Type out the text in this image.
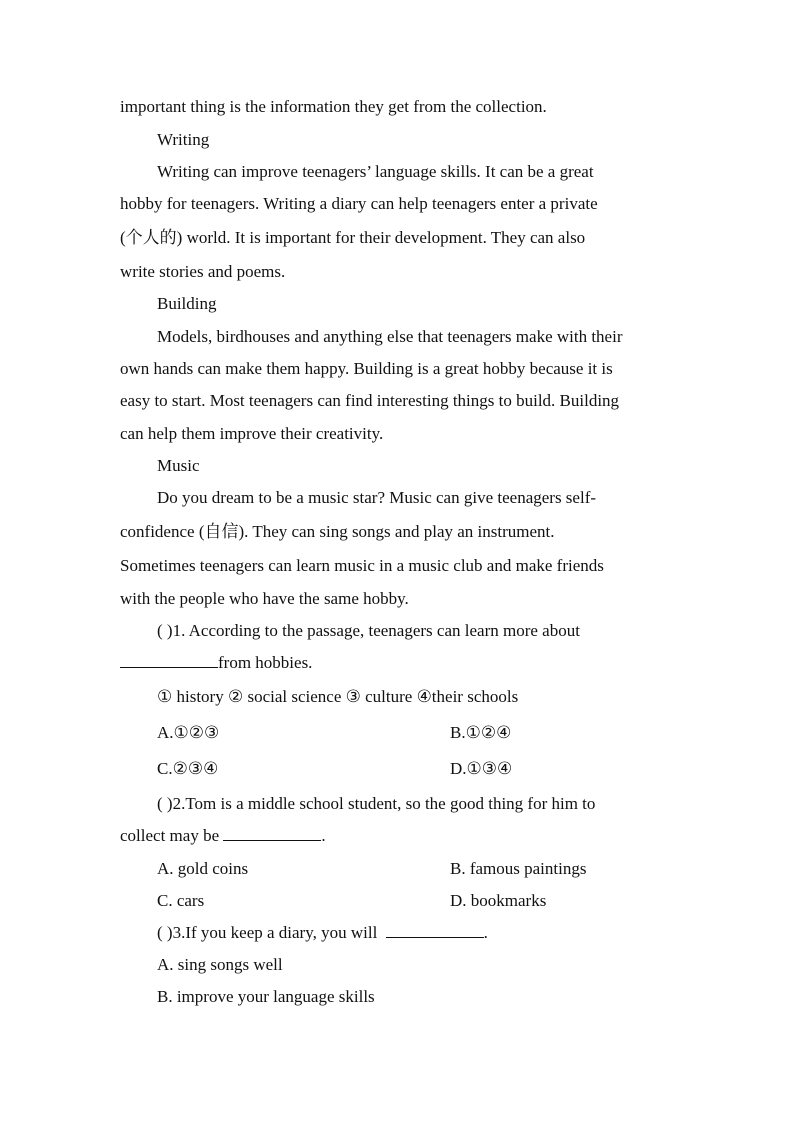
important thing is the information they get from the collection.
Writing
Writing can improve teenagers’ language skills. It can be a great
hobby for teenagers. Writing a diary can help teenagers enter a private
(个人的) world. It is important for their development. They can also
write stories and poems.
Building
Models, birdhouses and anything else that teenagers make with their
own hands can make them happy. Building is a great hobby because it is
easy to start. Most teenagers can find interesting things to build. Building
can help them improve their creativity.
Music
Do you dream to be a music star? Music can give teenagers self-
confidence (自信). They can sing songs and play an instrument.
Sometimes teenagers can learn music in a music club and make friends
with the people who have the same hobby.
( )1. According to the passage, teenagers can learn more about
from hobbies.
① history ② social science ③ culture ④their schools
A.①②③	B.①②④
C.②③④	D.①③④
( )2.Tom is a middle school student, so the good thing for him to
collect may be	.
A. gold coins	B. famous paintings
C. cars	D. bookmarks
( )3.If you keep a diary, you will	.
A. sing songs well
B. improve your language skills
